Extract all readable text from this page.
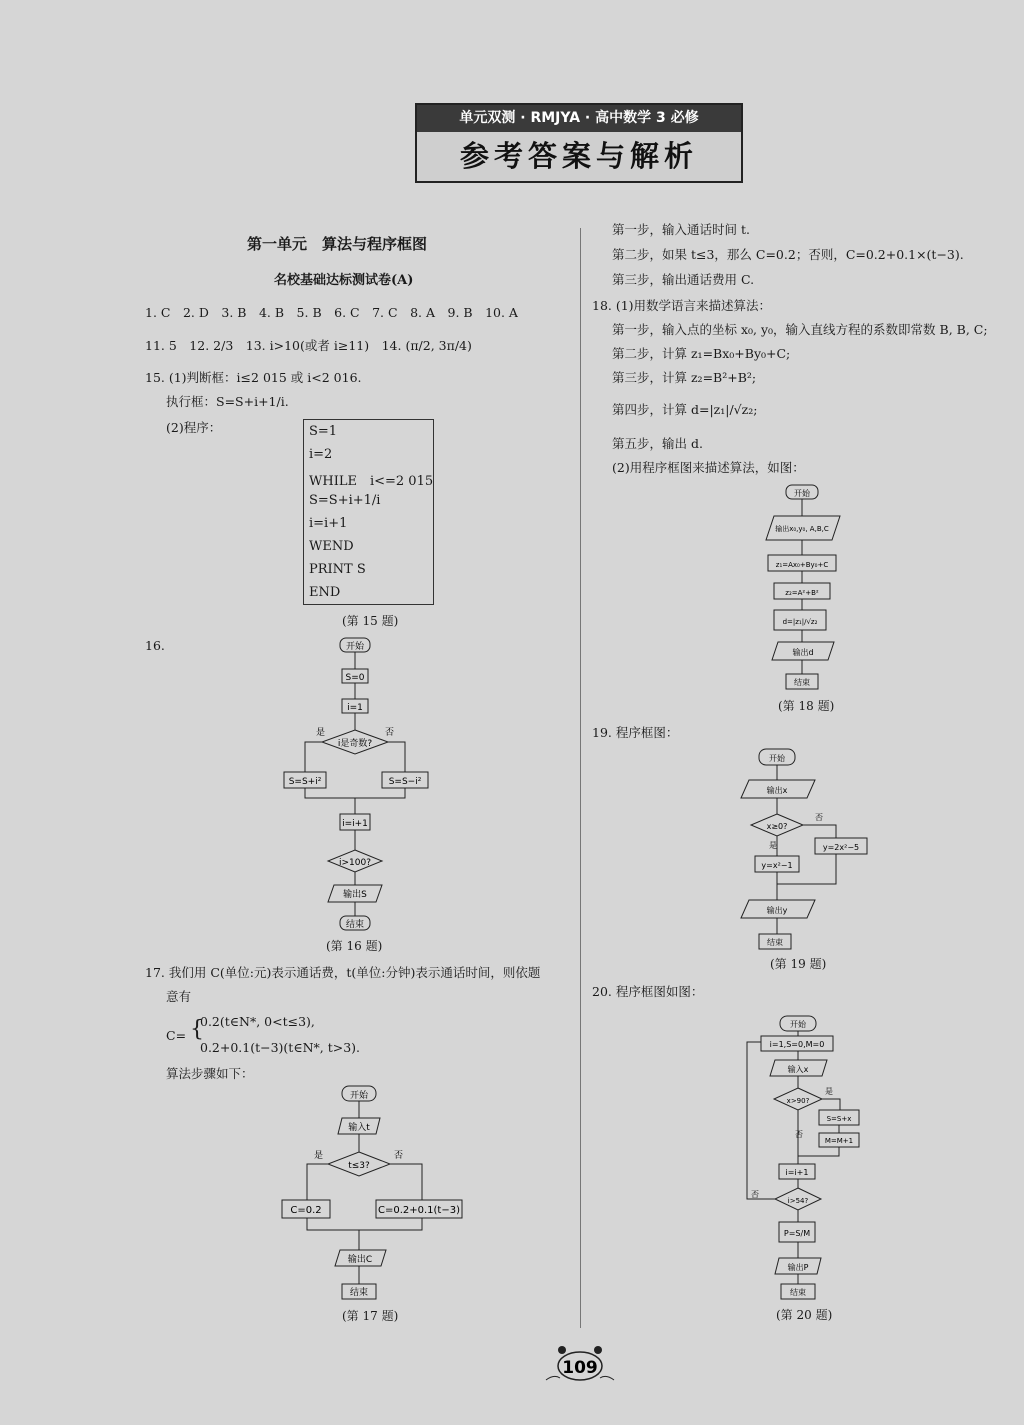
单元双测 · RMJYA · 高中数学 3 必修
参考答案与解析
第一单元　算法与程序框图
名校基础达标测试卷(A)
1. C　2. D　3. B　4. B　5. B　6. C　7. C　8. A　9. B　10. A
11. 5　12. 2/3　13. i>10(或者 i≥11)　14. (π/2, 3π/4)
15. (1)判断框：i≤2 015 或 i<2 016.
执行框：S=S+i+1/i.
(2)程序：	S=1
i=2
WHILE　i<=2 015
S=S+i+1/i
i=i+1
WEND
PRINT S
END
(第 15 题)
16.	开始
S=0
i=1
i是奇数?
是	否
S=S+i²	S=S−i²
i=i+1
i>100?
输出S
结束
(第 16 题)
17. 我们用 C(单位:元)表示通话费，t(单位:分钟)表示通话时间，则依题
意有
C= {
0.2(t∈N*, 0<t≤3),
0.2+0.1(t−3)(t∈N*, t>3).
算法步骤如下：
开始
输入t
t≤3?
是	否
C=0.2	C=0.2+0.1(t−3)
输出C
结束
(第 17 题)
第一步，输入通话时间 t.
第二步，如果 t≤3，那么 C=0.2；否则，C=0.2+0.1×(t−3).
第三步，输出通话费用 C.
18. (1)用数学语言来描述算法：
第一步，输入点的坐标 x₀, y₀，输入直线方程的系数即常数 B, B, C;
第二步，计算 z₁=Bx₀+By₀+C;
第三步，计算 z₂=B²+B²;
第四步，计算 d=|z₁|/√z₂;
第五步，输出 d.
(2)用程序框图来描述算法，如图：
开始
输出x₀,y₀, A,B,C
z₁=Ax₀+By₀+C
z₂=A²+B²
d=|z₁|/√z₂
输出d
结束
(第 18 题)
19. 程序框图：
开始
输出x
x≥0?
是
否
y=2x²−5
y=x²−1
输出y
结束
(第 19 题)
20. 程序框图如图：
开始
i=1,S=0,M=0
输入x
x>90?
是
否
S=S+x
M=M+1
i=i+1
i>54?
否
P=S/M
输出P
结束
(第 20 题)
109
